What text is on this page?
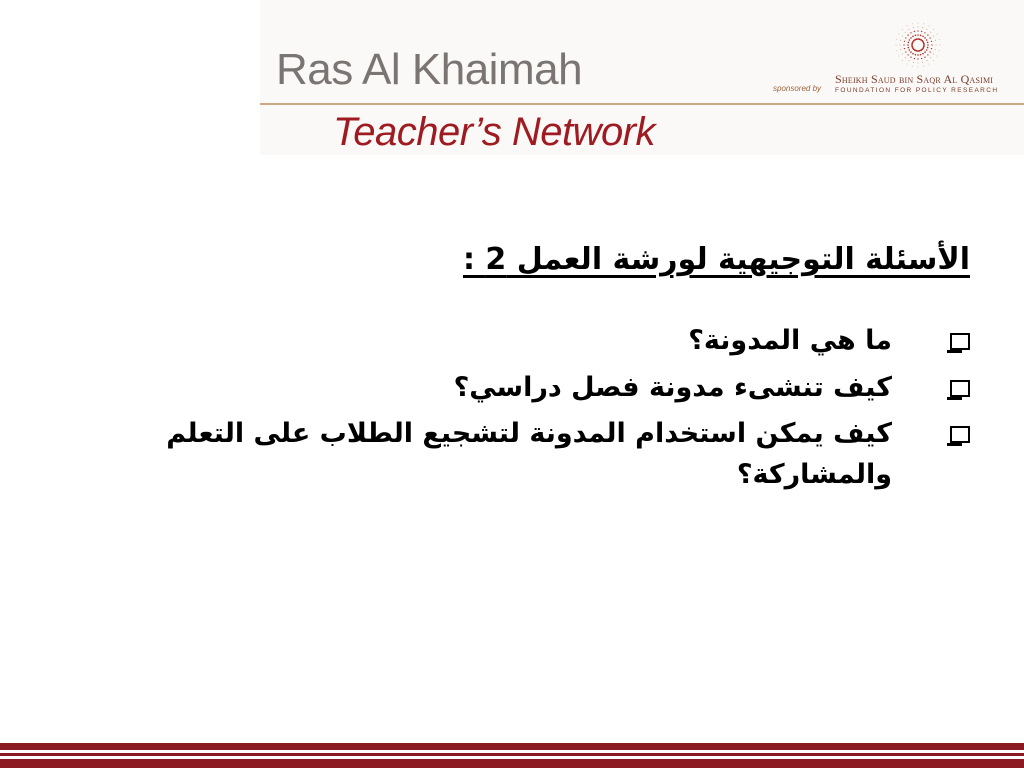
Ras Al Khaimah
Teacher’s Network
sponsored by
Sheikh Saud bin Saqr Al Qasimi
FOUNDATION FOR POLICY RESEARCH
الأسئلة التوجيهية لورشة العمل 2 :
ما هي المدونة؟
كيف تنشىء مدونة فصل دراسي؟
كيف يمكن استخدام المدونة لتشجيع الطلاب على التعلم والمشاركة؟
